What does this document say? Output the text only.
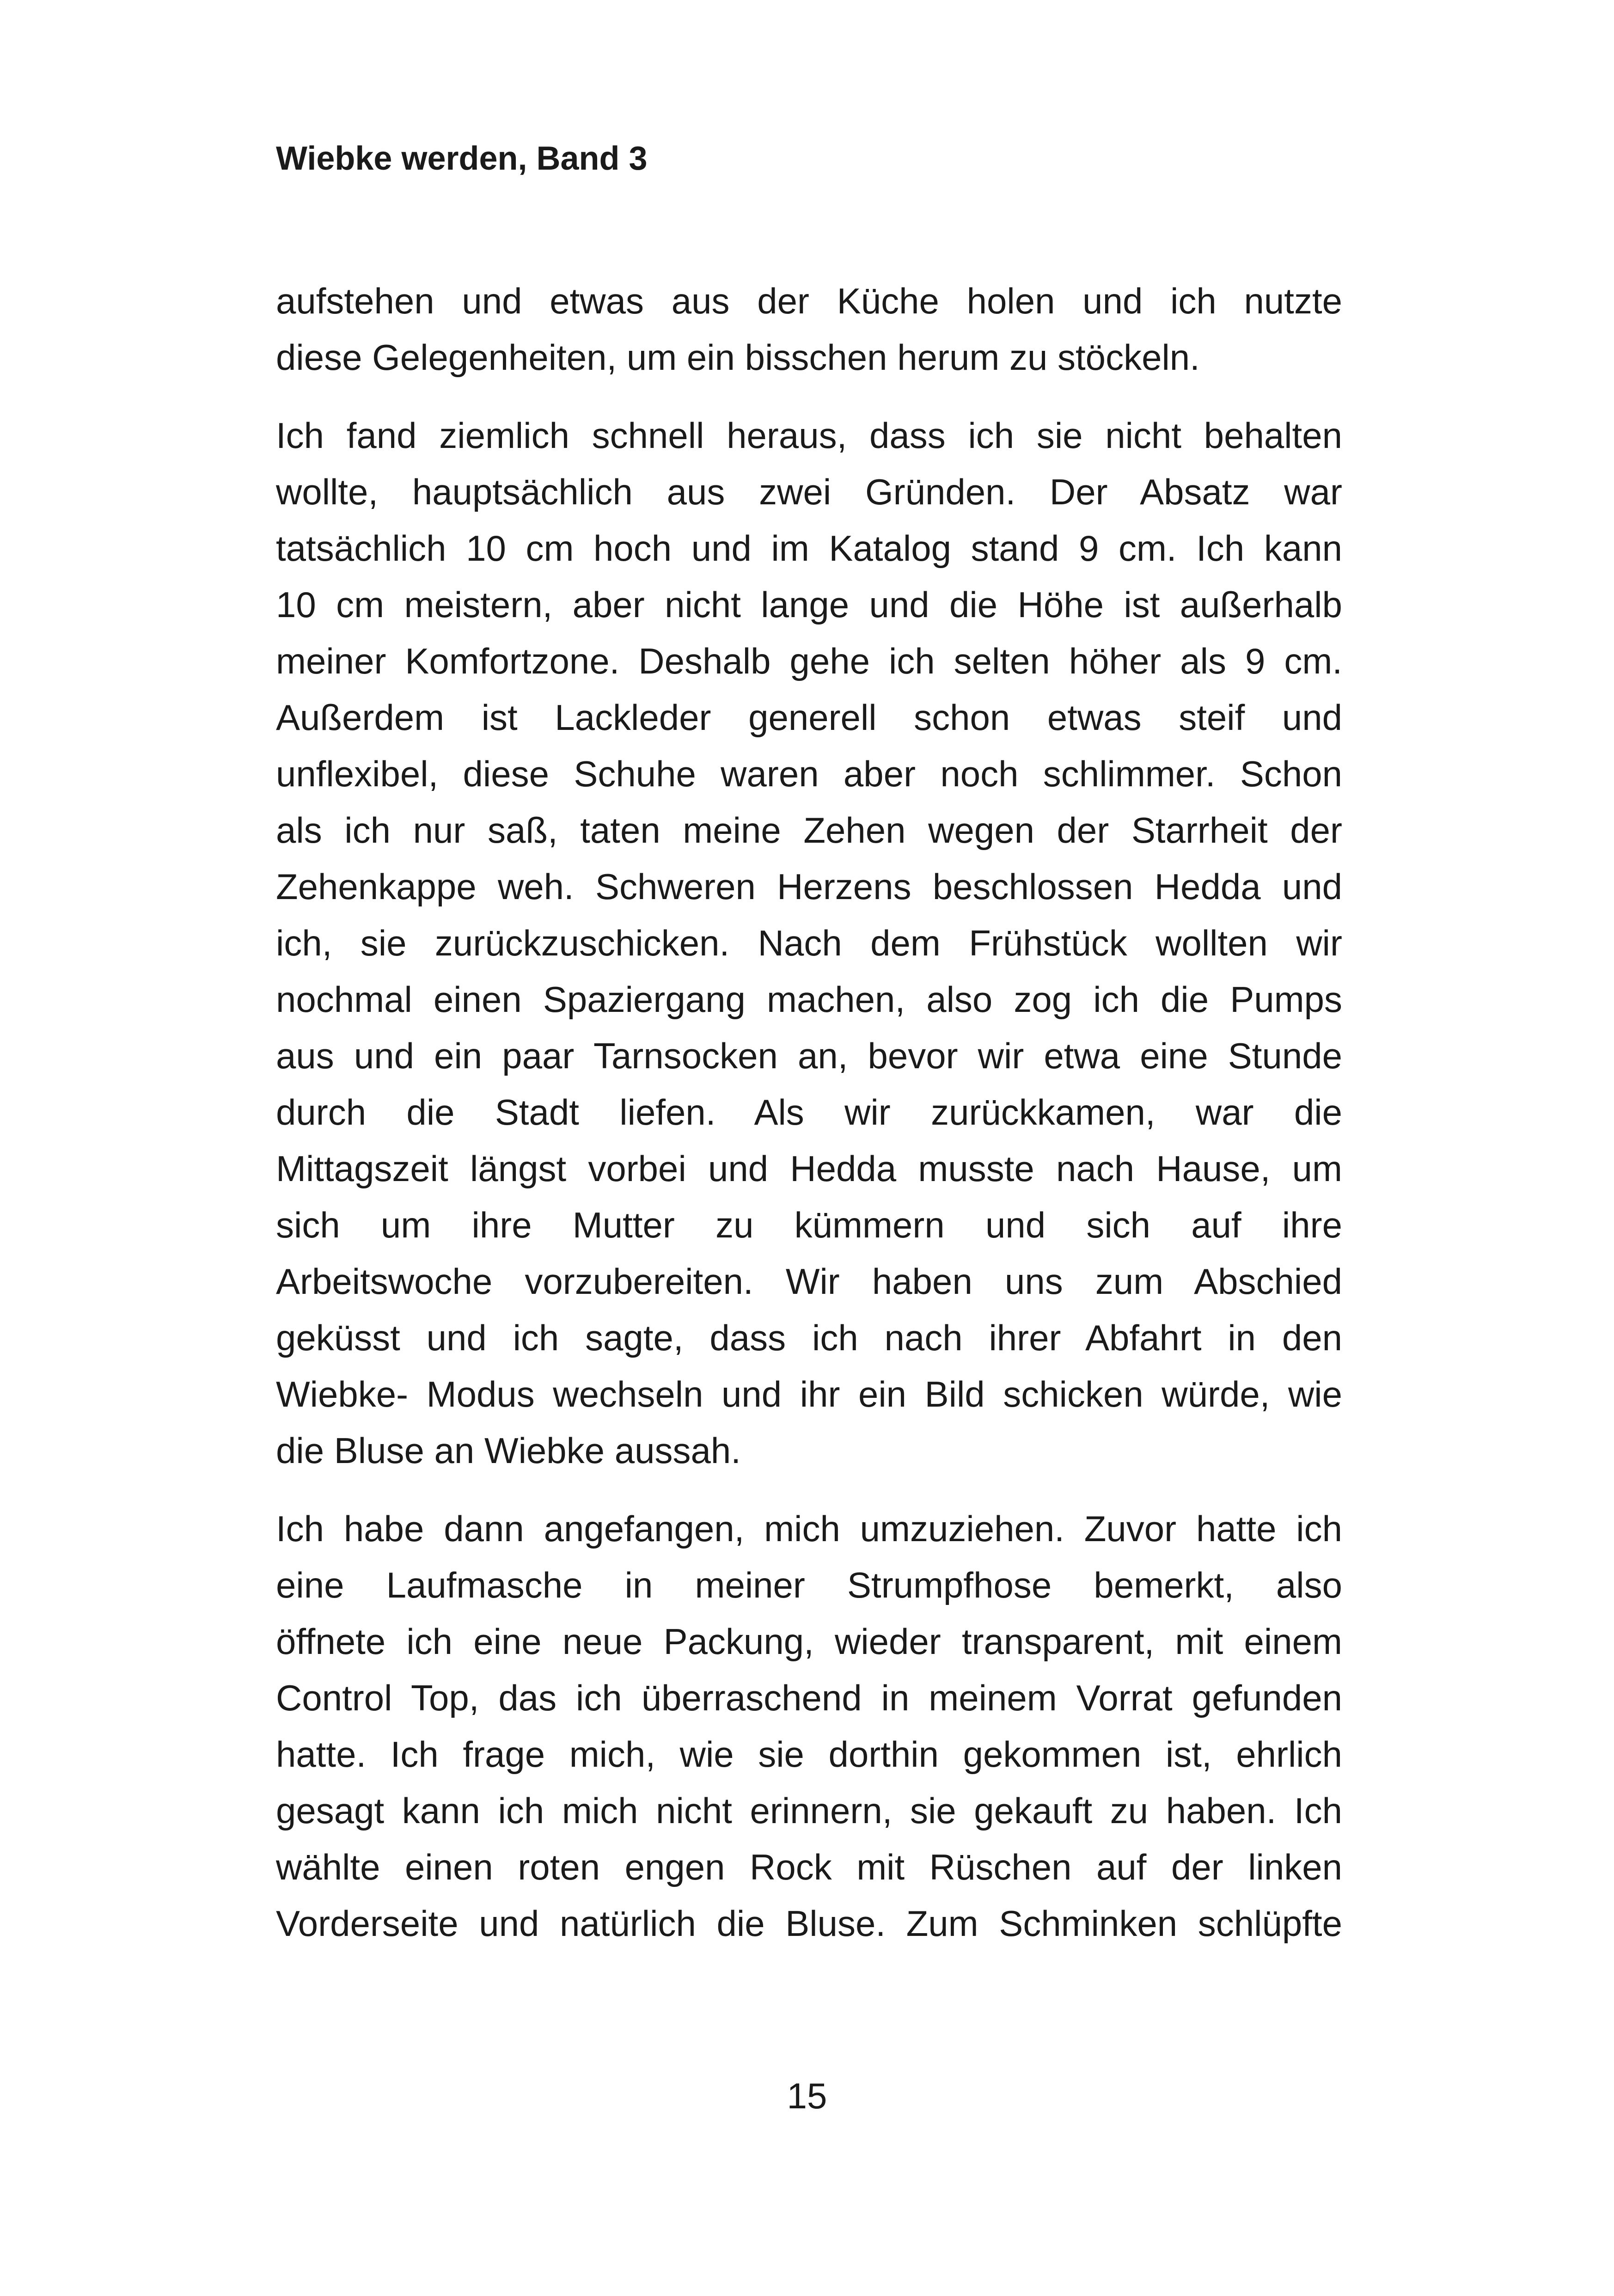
Wiebke werden, Band 3
aufstehen und etwas aus der Küche holen und ich nutzte
diese Gelegenheiten, um ein bisschen herum zu stöckeln.
Ich fand ziemlich schnell heraus, dass ich sie nicht behalten
wollte, hauptsächlich aus zwei Gründen. Der Absatz war
tatsächlich 10 cm hoch und im Katalog stand 9 cm. Ich kann
10 cm meistern, aber nicht lange und die Höhe ist außerhalb
meiner Komfortzone. Deshalb gehe ich selten höher als 9 cm.
Außerdem ist Lackleder generell schon etwas steif und
unflexibel, diese Schuhe waren aber noch schlimmer. Schon
als ich nur saß, taten meine Zehen wegen der Starrheit der
Zehenkappe weh. Schweren Herzens beschlossen Hedda und
ich, sie zurückzuschicken. Nach dem Frühstück wollten wir
nochmal einen Spaziergang machen, also zog ich die Pumps
aus und ein paar Tarnsocken an, bevor wir etwa eine Stunde
durch die Stadt liefen. Als wir zurückkamen, war die
Mittagszeit längst vorbei und Hedda musste nach Hause, um
sich um ihre Mutter zu kümmern und sich auf ihre
Arbeitswoche vorzubereiten. Wir haben uns zum Abschied
geküsst und ich sagte, dass ich nach ihrer Abfahrt in den
Wiebke- Modus wechseln und ihr ein Bild schicken würde, wie
die Bluse an Wiebke aussah.
Ich habe dann angefangen, mich umzuziehen. Zuvor hatte ich
eine Laufmasche in meiner Strumpfhose bemerkt, also
öffnete ich eine neue Packung, wieder transparent, mit einem
Control Top, das ich überraschend in meinem Vorrat gefunden
hatte. Ich frage mich, wie sie dorthin gekommen ist, ehrlich
gesagt kann ich mich nicht erinnern, sie gekauft zu haben. Ich
wählte einen roten engen Rock mit Rüschen auf der linken
Vorderseite und natürlich die Bluse. Zum Schminken schlüpfte
15
